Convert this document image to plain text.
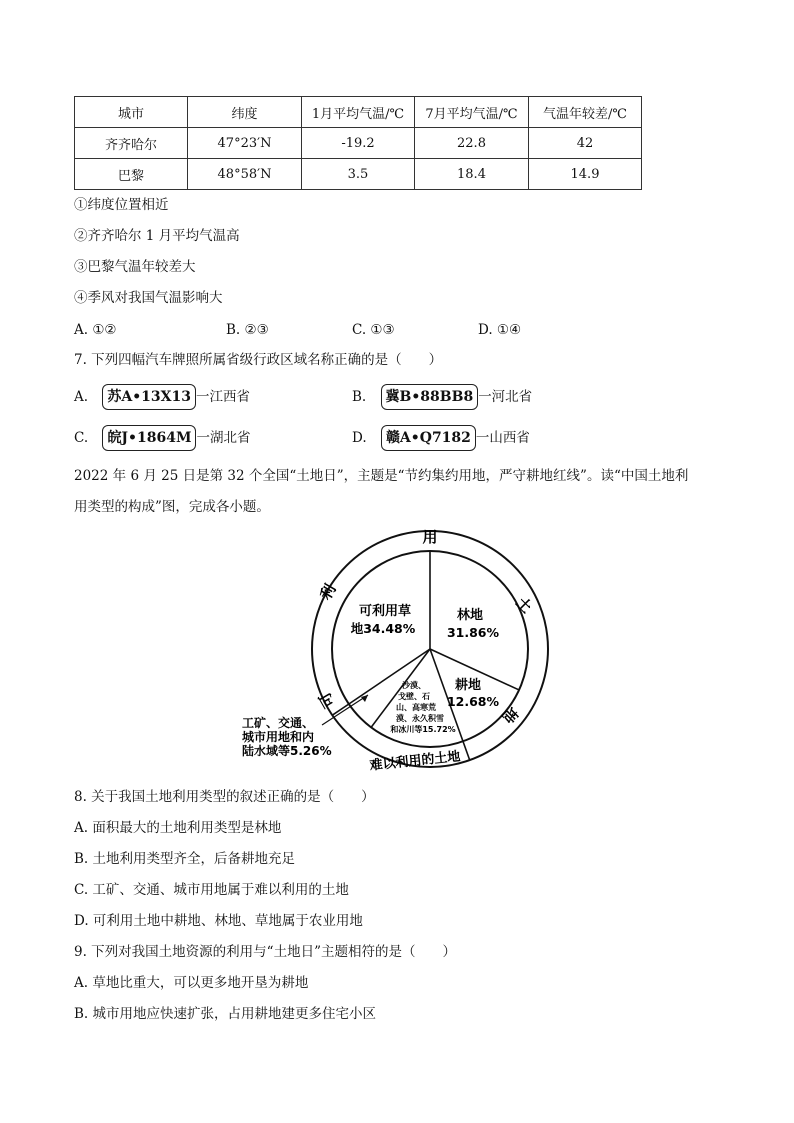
城市	纬度	1月平均气温/℃	7月平均气温/℃	气温年较差/℃
齐齐哈尔	47°23′N	-19.2	22.8	42
巴黎	48°58′N	3.5	18.4	14.9
①纬度位置相近
②齐齐哈尔 1 月平均气温高
③巴黎气温年较差大
④季风对我国气温影响大
A. ①②	B. ②③	C. ①③	D. ①④
7. 下列四幅汽车牌照所属省级行政区域名称正确的是（　　）
A. 苏A•13X13 一江西省	B. 冀B•88BB8 一河北省
C. 皖J•1864M 一湖北省	D. 赣A•Q7182 一山西省
2022 年 6 月 25 日是第 32 个全国“土地日”，主题是“节约集约用地，严守耕地红线”。读“中国土地利
用类型的构成”图，完成各小题。
用
土
地
利
可
难以利用的土地
林地
31.86%
可利用草
地34.48%
耕地
12.68%
沙漠、
戈壁、石
山、高寒荒
漠、永久积雪
和冰川等15.72%
工矿、交通、
城市用地和内
陆水域等5.26%
8. 关于我国土地利用类型的叙述正确的是（　　）
A. 面积最大的土地利用类型是林地
B. 土地利用类型齐全，后备耕地充足
C. 工矿、交通、城市用地属于难以利用的土地
D. 可利用土地中耕地、林地、草地属于农业用地
9. 下列对我国土地资源的利用与“土地日”主题相符的是（　　）
A. 草地比重大，可以更多地开垦为耕地
B. 城市用地应快速扩张，占用耕地建更多住宅小区
